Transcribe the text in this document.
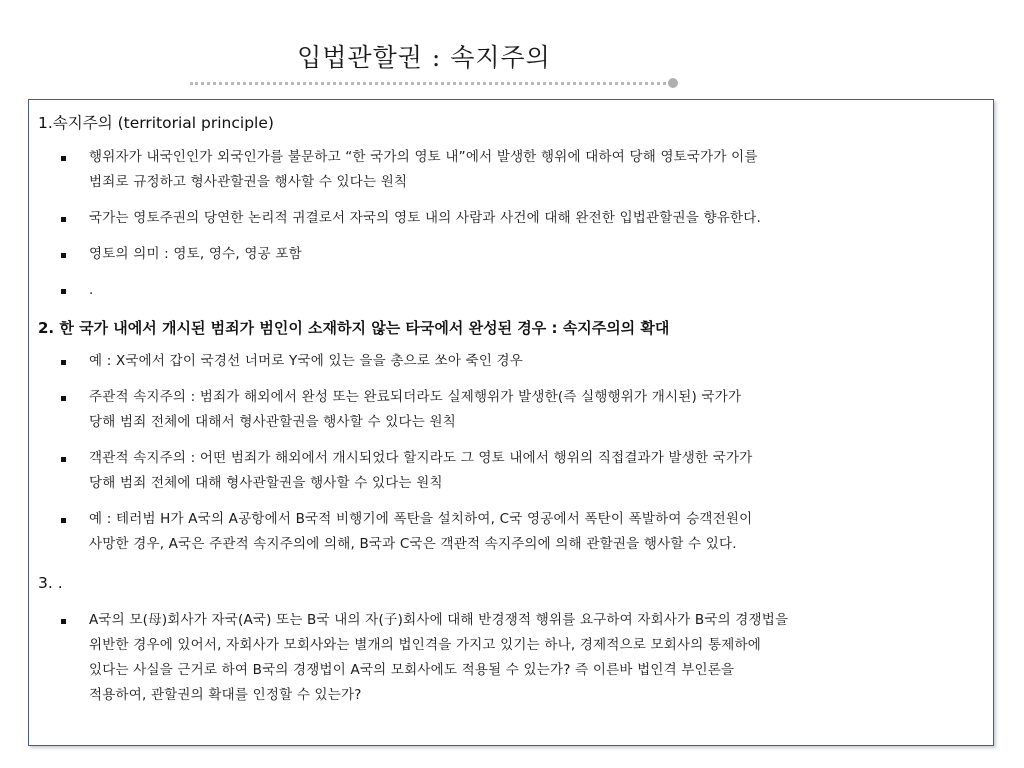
입법관할권 : 속지주의
1.속지주의 (territorial principle)
행위자가 내국인인가 외국인가를 불문하고 “한 국가의 영토 내”에서 발생한 행위에 대하여 당해 영토국가가 이를
범죄로 규정하고 형사관할권을 행사할 수 있다는 원칙
국가는 영토주권의 당연한 논리적 귀결로서 자국의 영토 내의 사람과 사건에 대해 완전한 입법관할권을 향유한다.
영토의 의미 : 영토, 영수, 영공 포함
.
2. 한 국가 내에서 개시된 범죄가 범인이 소재하지 않는 타국에서 완성된 경우 : 속지주의의 확대
예 : X국에서 갑이 국경선 너머로 Y국에 있는 을을 총으로 쏘아 죽인 경우
주관적 속지주의 : 범죄가 해외에서 완성 또는 완료되더라도 실제행위가 발생한(즉 실행행위가 개시된) 국가가
당해 범죄 전체에 대해서 형사관할권을 행사할 수 있다는 원칙
객관적 속지주의 : 어떤 범죄가 해외에서 개시되었다 할지라도 그 영토 내에서 행위의 직접결과가 발생한 국가가
당해 범죄 전체에 대해 형사관할권을 행사할 수 있다는 원칙
예 : 테러범 H가 A국의 A공항에서 B국적 비행기에 폭탄을 설치하여, C국 영공에서 폭탄이 폭발하여 승객전원이
사망한 경우, A국은 주관적 속지주의에 의해, B국과 C국은 객관적 속지주의에 의해 관할권을 행사할 수 있다.
3. .
A국의 모(母)회사가 자국(A국) 또는 B국 내의 자(子)회사에 대해 반경쟁적 행위를 요구하여 자회사가 B국의 경쟁법을
위반한 경우에 있어서, 자회사가 모회사와는 별개의 법인격을 가지고 있기는 하나, 경제적으로 모회사의 통제하에
있다는 사실을 근거로 하여 B국의 경쟁법이 A국의 모회사에도 적용될 수 있는가? 즉 이른바 법인격 부인론을
적용하여, 관할권의 확대를 인정할 수 있는가?
